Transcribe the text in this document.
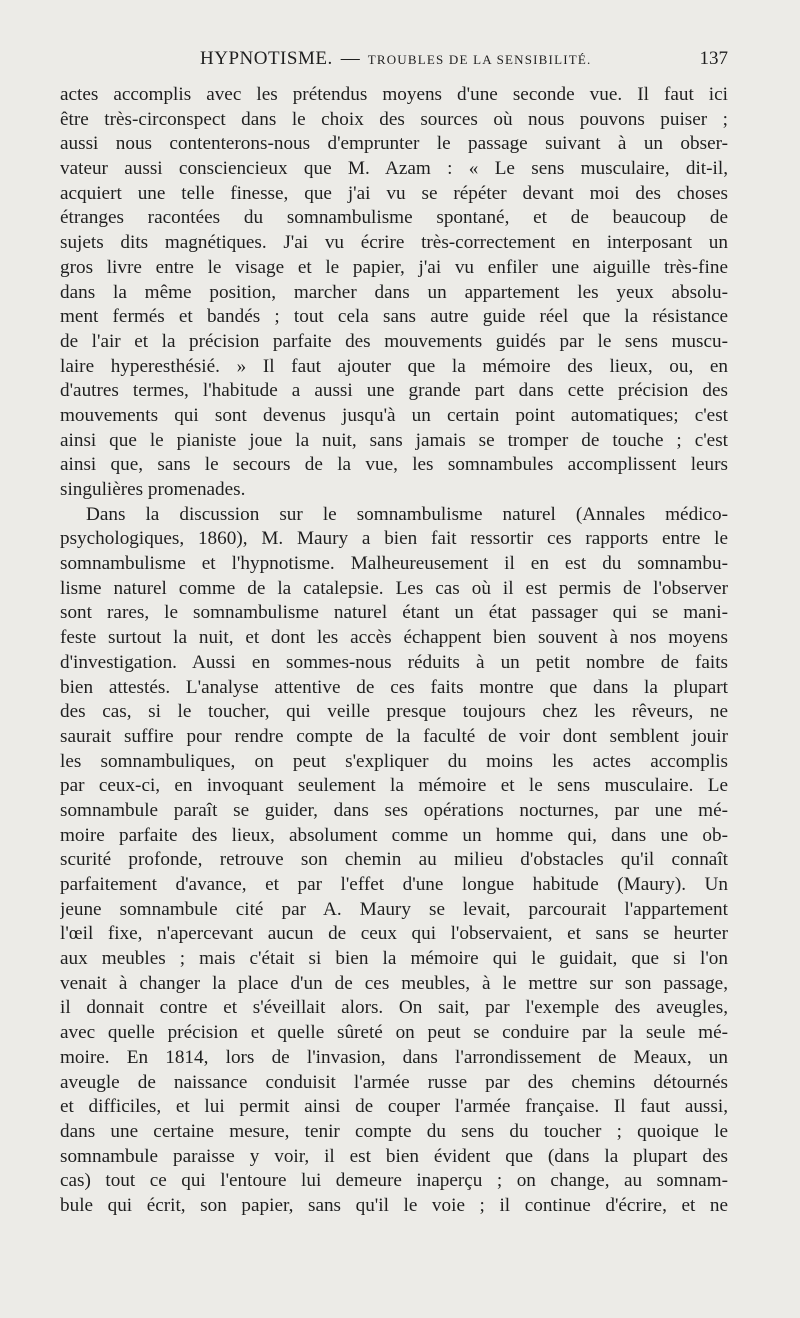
HYPNOTISME. — TROUBLES DE LA SENSIBILITÉ.	137
actes accomplis avec les prétendus moyens d'une seconde vue. Il faut ici
être très-circonspect dans le choix des sources où nous pouvons puiser ;
aussi nous contenterons-nous d'emprunter le passage suivant à un obser-
vateur aussi consciencieux que M. Azam : « Le sens musculaire, dit-il,
acquiert une telle finesse, que j'ai vu se répéter devant moi des choses
étranges racontées du somnambulisme spontané, et de beaucoup de
sujets dits magnétiques. J'ai vu écrire très-correctement en interposant un
gros livre entre le visage et le papier, j'ai vu enfiler une aiguille très-fine
dans la même position, marcher dans un appartement les yeux absolu-
ment fermés et bandés ; tout cela sans autre guide réel que la résistance
de l'air et la précision parfaite des mouvements guidés par le sens muscu-
laire hyperesthésié. » Il faut ajouter que la mémoire des lieux, ou, en
d'autres termes, l'habitude a aussi une grande part dans cette précision des
mouvements qui sont devenus jusqu'à un certain point automatiques; c'est
ainsi que le pianiste joue la nuit, sans jamais se tromper de touche ; c'est
ainsi que, sans le secours de la vue, les somnambules accomplissent leurs
singulières promenades.
Dans la discussion sur le somnambulisme naturel (Annales médico-
psychologiques, 1860), M. Maury a bien fait ressortir ces rapports entre le
somnambulisme et l'hypnotisme. Malheureusement il en est du somnambu-
lisme naturel comme de la catalepsie. Les cas où il est permis de l'observer
sont rares, le somnambulisme naturel étant un état passager qui se mani-
feste surtout la nuit, et dont les accès échappent bien souvent à nos moyens
d'investigation. Aussi en sommes-nous réduits à un petit nombre de faits
bien attestés. L'analyse attentive de ces faits montre que dans la plupart
des cas, si le toucher, qui veille presque toujours chez les rêveurs, ne
saurait suffire pour rendre compte de la faculté de voir dont semblent jouir
les somnambuliques, on peut s'expliquer du moins les actes accomplis
par ceux-ci, en invoquant seulement la mémoire et le sens musculaire. Le
somnambule paraît se guider, dans ses opérations nocturnes, par une mé-
moire parfaite des lieux, absolument comme un homme qui, dans une ob-
scurité profonde, retrouve son chemin au milieu d'obstacles qu'il connaît
parfaitement d'avance, et par l'effet d'une longue habitude (Maury). Un
jeune somnambule cité par A. Maury se levait, parcourait l'appartement
l'œil fixe, n'apercevant aucun de ceux qui l'observaient, et sans se heurter
aux meubles ; mais c'était si bien la mémoire qui le guidait, que si l'on
venait à changer la place d'un de ces meubles, à le mettre sur son passage,
il donnait contre et s'éveillait alors. On sait, par l'exemple des aveugles,
avec quelle précision et quelle sûreté on peut se conduire par la seule mé-
moire. En 1814, lors de l'invasion, dans l'arrondissement de Meaux, un
aveugle de naissance conduisit l'armée russe par des chemins détournés
et difficiles, et lui permit ainsi de couper l'armée française. Il faut aussi,
dans une certaine mesure, tenir compte du sens du toucher ; quoique le
somnambule paraisse y voir, il est bien évident que (dans la plupart des
cas) tout ce qui l'entoure lui demeure inaperçu ; on change, au somnam-
bule qui écrit, son papier, sans qu'il le voie ; il continue d'écrire, et ne
